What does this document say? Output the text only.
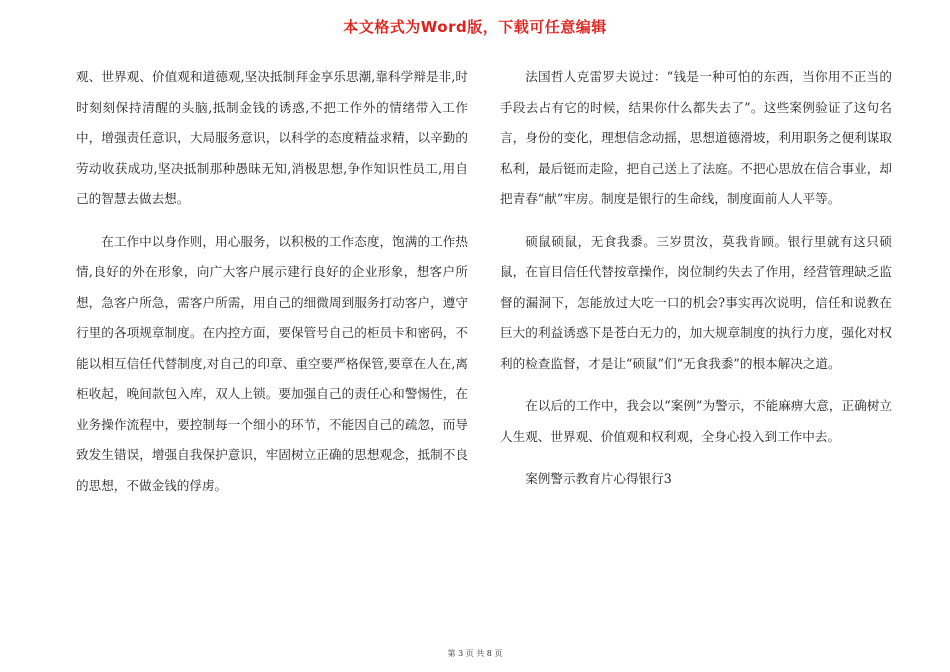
本文格式为Word版，下载可任意编辑

观、世界观、价值观和道德观,坚决抵制拜金享乐思潮,靠科学辩是非,时时刻刻保持清醒的头脑,抵制金钱的诱惑,不把工作外的情绪带入工作中，增强责任意识，大局服务意识，以科学的态度精益求精，以辛勤的劳动收获成功,坚决抵制那种愚昧无知,消极思想,争作知识性员工,用自己的智慧去做去想。

在工作中以身作则，用心服务，以积极的工作态度，饱满的工作热情,良好的外在形象，向广大客户展示建行良好的企业形象，想客户所想，急客户所急，需客户所需，用自己的细微周到服务打动客户，遵守行里的各项规章制度。在内控方面，要保管号自己的柜员卡和密码，不能以相互信任代替制度,对自己的印章、重空要严格保管,要章在人在,离柜收起，晚间款包入库，双人上锁。要加强自己的责任心和警惕性，在业务操作流程中，要控制每一个细小的环节，不能因自己的疏忽，而导致发生错误，增强自我保护意识，牢固树立正确的思想观念，抵制不良的思想，不做金钱的俘虏。

法国哲人克雷罗夫说过：“钱是一种可怕的东西，当你用不正当的手段去占有它的时候，结果你什么都失去了”。这些案例验证了这句名言，身份的变化，理想信念动摇，思想道德滑坡，利用职务之便利谋取私利，最后铤而走险，把自己送上了法庭。不把心思放在信合事业，却把青春“献”牢房。制度是银行的生命线，制度面前人人平等。

硕鼠硕鼠，无食我黍。三岁贯汝，莫我肯顾。银行里就有这只硕鼠，在盲目信任代替按章操作，岗位制约失去了作用，经营管理缺乏监督的漏洞下，怎能放过大吃一口的机会?事实再次说明，信任和说教在巨大的利益诱惑下是苍白无力的，加大规章制度的执行力度，强化对权利的检查监督，才是让“硕鼠”们“无食我黍”的根本解决之道。

在以后的工作中，我会以“案例”为警示，不能麻痹大意，正确树立人生观、世界观、价值观和权利观，全身心投入到工作中去。

案例警示教育片心得银行3

第 3 页 共 8 页
